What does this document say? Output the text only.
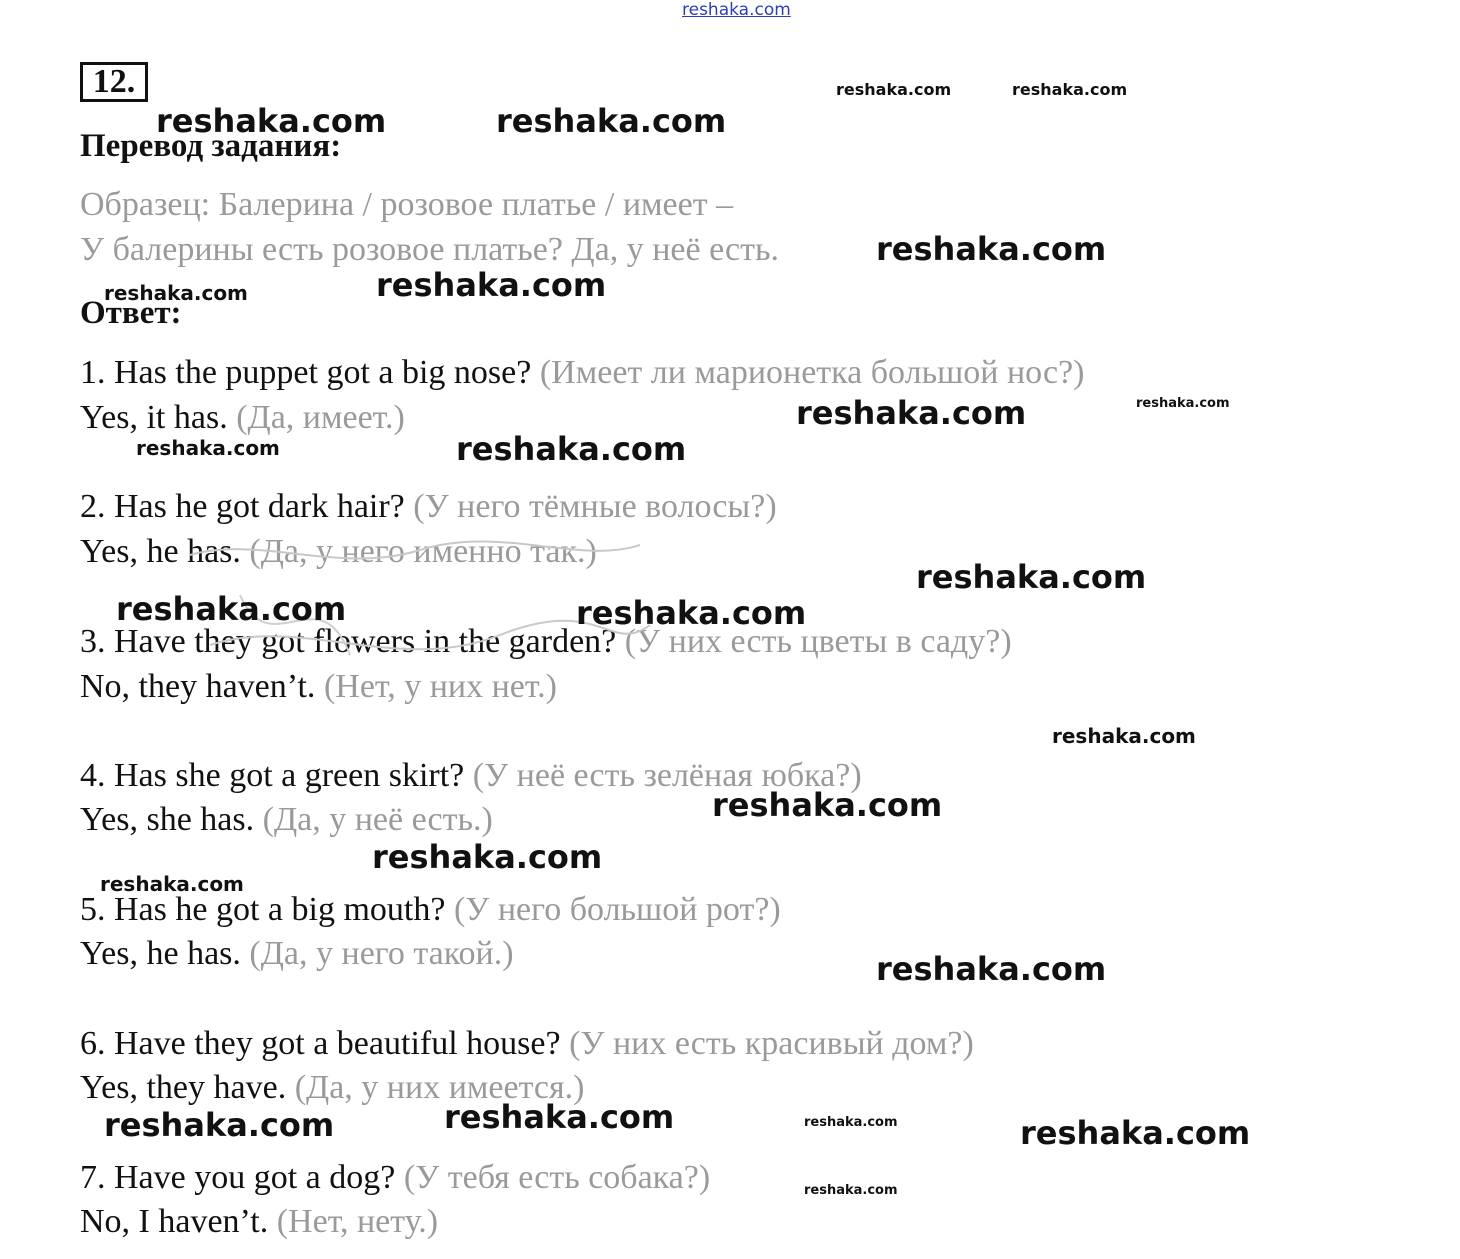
reshaka.com
12.
Перевод задания:
Образец: Балерина / розовое платье / имеет –
У балерины есть розовое платье? Да, у неё есть.
Ответ:
1. Has the puppet got a big nose? (Имеет ли марионетка большой нос?)
Yes, it has. (Да, имеет.)
2. Has he got dark hair? (У него тёмные волосы?)
Yes, he has. (Да, у него именно так.)
3. Have they got flowers in the garden? (У них есть цветы в саду?)
No, they haven’t. (Нет, у них нет.)
4. Has she got a green skirt? (У неё есть зелёная юбка?)
Yes, she has. (Да, у неё есть.)
5. Has he got a big mouth? (У него большой рот?)
Yes, he has. (Да, у него такой.)
6. Have they got a beautiful house? (У них есть красивый дом?)
Yes, they have. (Да, у них имеется.)
7. Have you got a dog? (У тебя есть собака?)
No, I haven’t. (Нет, нету.)
reshaka.com	reshaka.com
reshaka.com	reshaka.com
reshaka.com
reshaka.com
reshaka.com
reshaka.com	reshaka.com
reshaka.com	reshaka.com
reshaka.com
reshaka.com	reshaka.com
reshaka.com
reshaka.com
reshaka.com
reshaka.com
reshaka.com
reshaka.com	reshaka.com	reshaka.com	reshaka.com
reshaka.com
